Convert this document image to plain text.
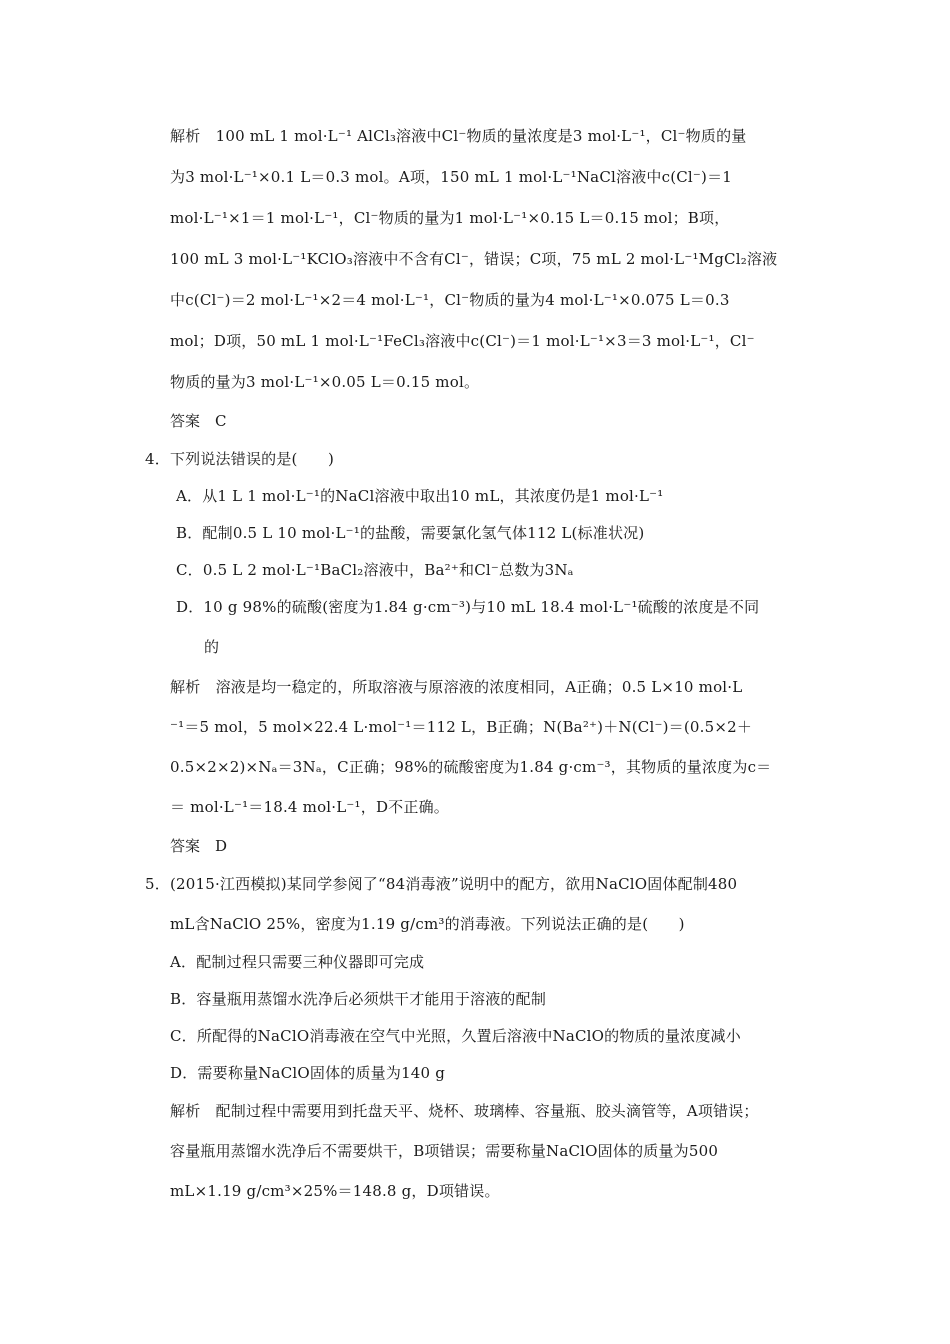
解析　100 mL 1 mol·L⁻¹ AlCl₃溶液中Cl⁻物质的量浓度是3 mol·L⁻¹，Cl⁻物质的量
为3 mol·L⁻¹×0.1 L＝0.3 mol。A项，150 mL 1 mol·L⁻¹NaCl溶液中c(Cl⁻)＝1
mol·L⁻¹×1＝1 mol·L⁻¹，Cl⁻物质的量为1 mol·L⁻¹×0.15 L＝0.15 mol；B项，
100 mL 3 mol·L⁻¹KClO₃溶液中不含有Cl⁻，错误；C项，75 mL 2 mol·L⁻¹MgCl₂溶液
中c(Cl⁻)＝2 mol·L⁻¹×2＝4 mol·L⁻¹，Cl⁻物质的量为4 mol·L⁻¹×0.075 L＝0.3
mol；D项，50 mL 1 mol·L⁻¹FeCl₃溶液中c(Cl⁻)＝1 mol·L⁻¹×3＝3 mol·L⁻¹，Cl⁻
物质的量为3 mol·L⁻¹×0.05 L＝0.15 mol。
答案　C
4．下列说法错误的是(　　)
A．从1 L 1 mol·L⁻¹的NaCl溶液中取出10 mL，其浓度仍是1 mol·L⁻¹
B．配制0.5 L 10 mol·L⁻¹的盐酸，需要氯化氢气体112 L(标准状况)
C．0.5 L 2 mol·L⁻¹BaCl₂溶液中，Ba²⁺和Cl⁻总数为3Nₐ
D．10 g 98%的硫酸(密度为1.84 g·cm⁻³)与10 mL 18.4 mol·L⁻¹硫酸的浓度是不同
的
解析　溶液是均一稳定的，所取溶液与原溶液的浓度相同，A正确；0.5 L×10 mol·L
⁻¹＝5 mol，5 mol×22.4 L·mol⁻¹＝112 L，B正确；N(Ba²⁺)＋N(Cl⁻)＝(0.5×2＋
0.5×2×2)×Nₐ＝3Nₐ，C正确；98%的硫酸密度为1.84 g·cm⁻³，其物质的量浓度为c＝
＝ mol·L⁻¹＝18.4 mol·L⁻¹，D不正确。
答案　D
5．(2015·江西模拟)某同学参阅了“84消毒液”说明中的配方，欲用NaClO固体配制480
mL含NaClO 25%，密度为1.19 g/cm³的消毒液。下列说法正确的是(　　)
A．配制过程只需要三种仪器即可完成
B．容量瓶用蒸馏水洗净后必须烘干才能用于溶液的配制
C．所配得的NaClO消毒液在空气中光照，久置后溶液中NaClO的物质的量浓度减小
D．需要称量NaClO固体的质量为140 g
解析　配制过程中需要用到托盘天平、烧杯、玻璃棒、容量瓶、胶头滴管等，A项错误；
容量瓶用蒸馏水洗净后不需要烘干，B项错误；需要称量NaClO固体的质量为500
mL×1.19 g/cm³×25%＝148.8 g，D项错误。
